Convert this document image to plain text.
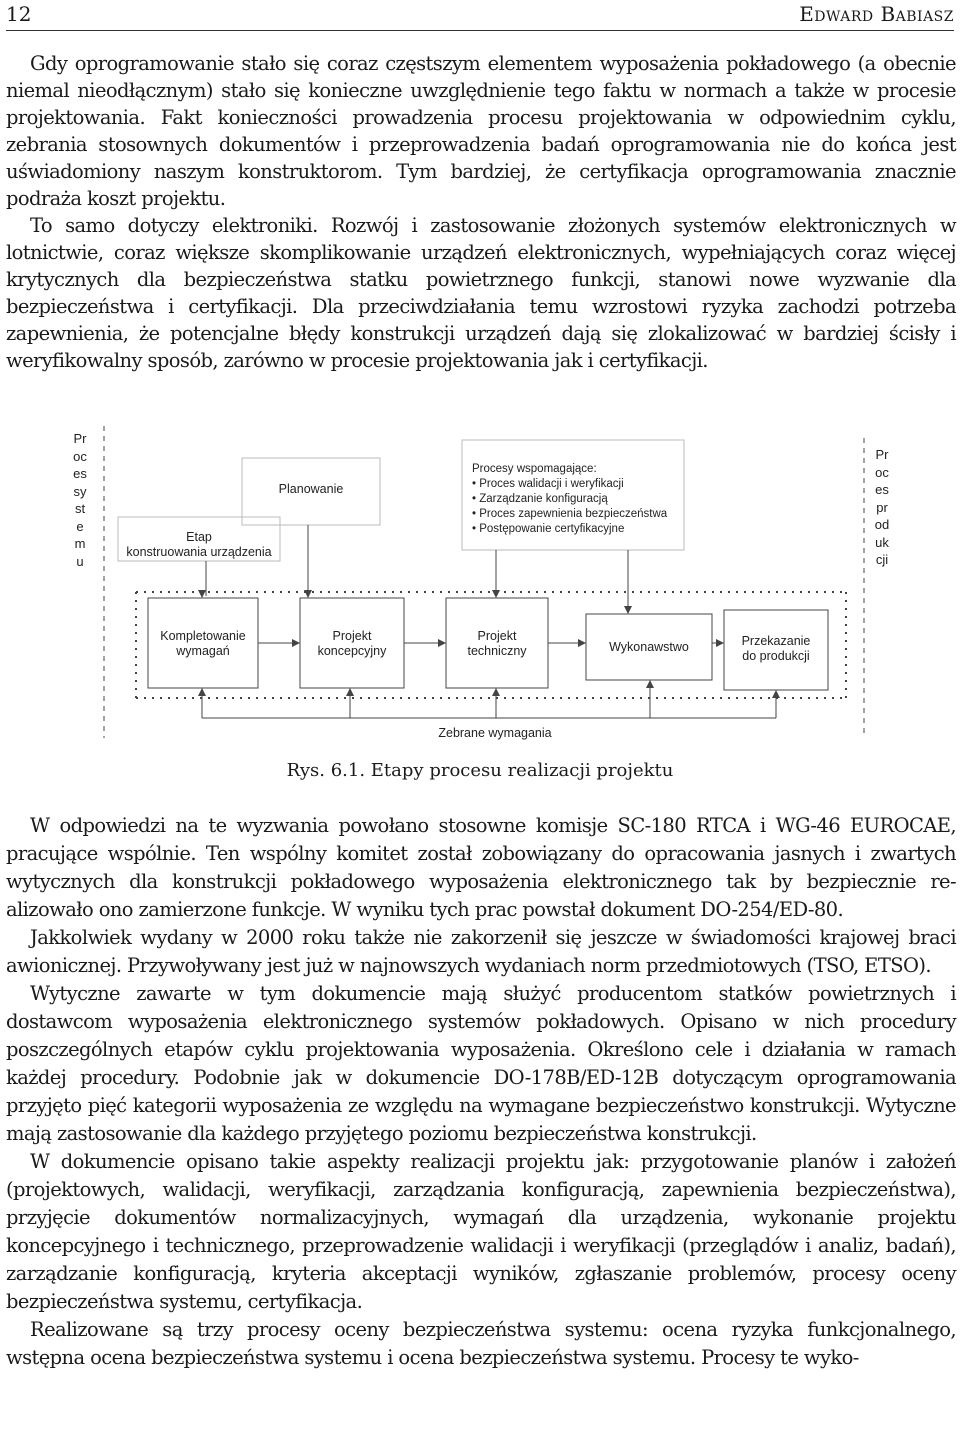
12	Edward Babiasz

Gdy oprogramowanie stało się coraz częstszym elementem wyposażenia pokładowego (a obecnie niemal nieodłącznym) stało się konieczne uwzględnienie tego faktu w normach a także w procesie projektowania. Fakt konieczności prowadzenia procesu projektowania w odpowiednim cyklu, zebrania stosownych dokumentów i przeprowadzenia badań oprogramowania nie do końca jest uświadomiony naszym konstruktorom. Tym bardziej, że certyfikacja oprogramowania znacznie podraża koszt projektu.

To samo dotyczy elektroniki. Rozwój i zastosowanie złożonych systemów elektronicznych w lotnictwie, coraz większe skomplikowanie urządzeń elektronicznych, wypełniających coraz więcej krytycznych dla bezpieczeństwa statku powietrznego funkcji, stanowi nowe wyzwanie dla bezpieczeństwa i certyfikacji. Dla przeciwdziałania temu wzrostowi ryzyka zachodzi potrzeba zapewnienia, że potencjalne błędy konstrukcji urządzeń dają się zlokalizować w bardziej ścisły i weryfikowalny sposób, zarówno w procesie projektowania jak i certyfikacji.

Proces systemu
Proces produkcji
Etap
konstruowania urządzenia
Planowanie
Procesy wspomagające:
• Proces walidacji i weryfikacji
• Zarządzanie konfiguracją
• Proces zapewnienia bezpieczeństwa
• Postępowanie certyfikacyjne
Kompletowanie
wymagań
Projekt
koncepcyjny
Projekt
techniczny	Wykonawstwo	Przekazanie
do produkcji
Zebrane wymagania
Rys. 6.1. Etapy procesu realizacji projektu

W odpowiedzi na te wyzwania powołano stosowne komisje SC-180 RTCA i WG-46 EUROCAE, pracujące wspólnie. Ten wspólny komitet został zobowiązany do opracowania jasnych i zwartych wytycznych dla konstrukcji pokładowego wyposażenia elektronicznego tak by bezpiecznie re-alizowało ono zamierzone funkcje. W wyniku tych prac powstał dokument DO-254/ED-80.

Jakkolwiek wydany w 2000 roku także nie zakorzenił się jeszcze w świadomości krajowej braci awionicznej. Przywoływany jest już w najnowszych wydaniach norm przedmiotowych (TSO, ETSO).

Wytyczne zawarte w tym dokumencie mają służyć producentom statków powietrznych i dostawcom wyposażenia elektronicznego systemów pokładowych. Opisano w nich procedury poszczególnych etapów cyklu projektowania wyposażenia. Określono cele i działania w ramach każdej procedury. Podobnie jak w dokumencie DO-178B/ED-12B dotyczącym oprogramowania przyjęto pięć kategorii wyposażenia ze względu na wymagane bezpieczeństwo konstrukcji. Wytyczne mają zastosowanie dla każdego przyjętego poziomu bezpieczeństwa konstrukcji.

W dokumencie opisano takie aspekty realizacji projektu jak: przygotowanie planów i założeń (projektowych, walidacji, weryfikacji, zarządzania konfiguracją, zapewnienia bezpieczeństwa), przyjęcie dokumentów normalizacyjnych, wymagań dla urządzenia, wykonanie projektu koncepcyjnego i technicznego, przeprowadzenie walidacji i weryfikacji (przeglądów i analiz, badań), zarządzanie konfiguracją, kryteria akceptacji wyników, zgłaszanie problemów, procesy oceny bezpieczeństwa systemu, certyfikacja.

Realizowane są trzy procesy oceny bezpieczeństwa systemu: ocena ryzyka funkcjonalnego, wstępna ocena bezpieczeństwa systemu i ocena bezpieczeństwa systemu. Procesy te wyko-
